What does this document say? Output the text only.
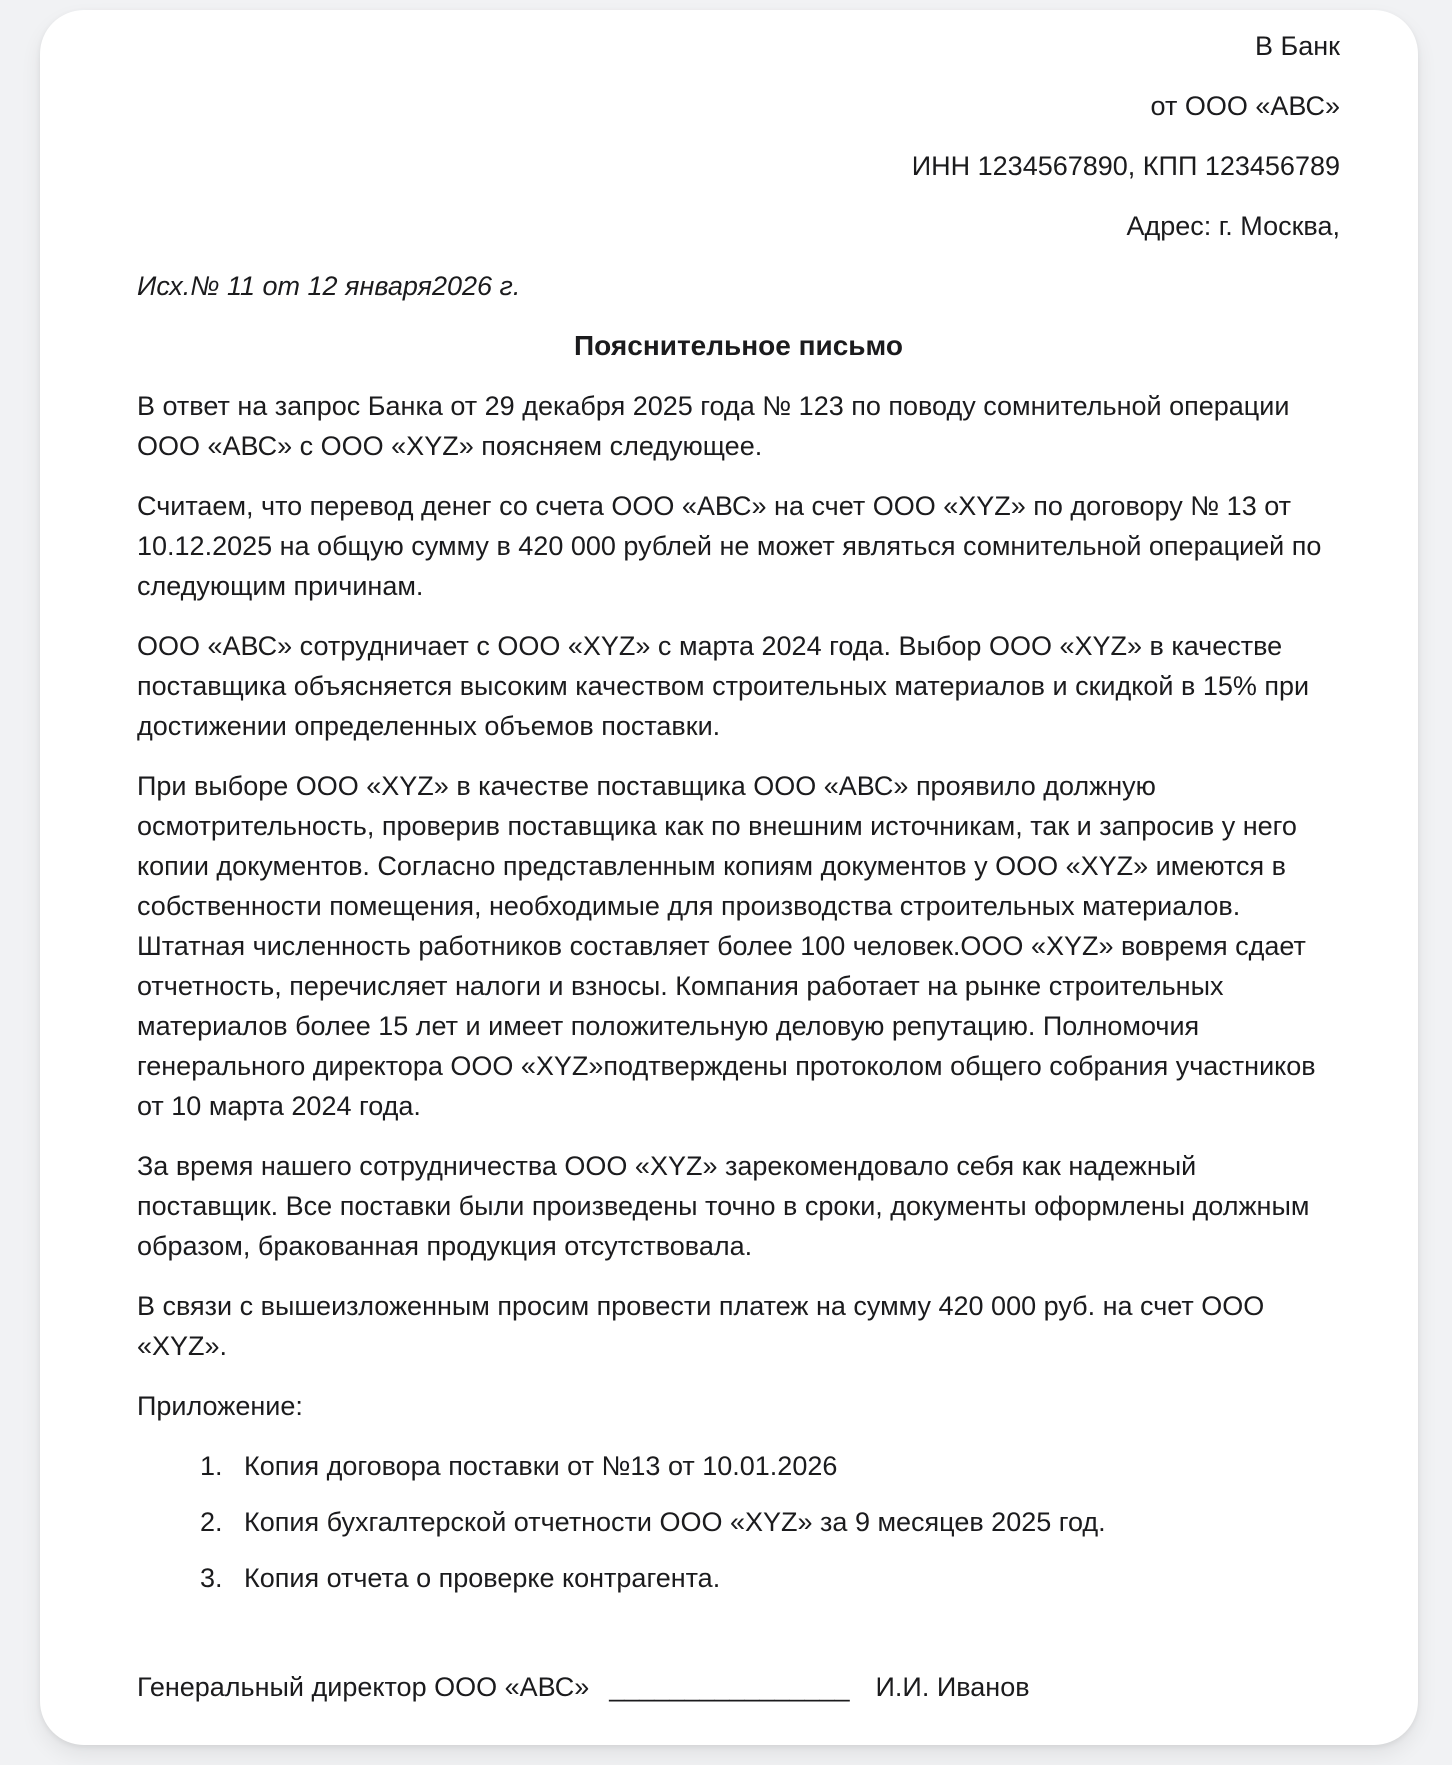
В Банк
от ООО «АВС»
ИНН 1234567890, КПП 123456789
Адрес: г. Москва,

Исх.№ 11 от 12 января2026 г.

Пояснительное письмо

В ответ на запрос Банка от 29 декабря 2025 года № 123 по поводу сомнительной операции ООО «АВС» с ООО «XYZ» поясняем следующее.

Считаем, что перевод денег со счета ООО «АВС» на счет ООО «XYZ» по договору № 13 от 10.12.2025 на общую сумму в 420 000 рублей не может являться сомнительной операцией по следующим причинам.

ООО «АВС» сотрудничает с ООО «XYZ» с марта 2024 года. Выбор ООО «XYZ» в качестве поставщика объясняется высоким качеством строительных материалов и скидкой в 15% при достижении определенных объемов поставки.

При выборе ООО «XYZ» в качестве поставщика ООО «АВС» проявило должную осмотрительность, проверив поставщика как по внешним источникам, так и запросив у него копии документов. Согласно представленным копиям документов у ООО «XYZ» имеются в собственности помещения, необходимые для производства строительных материалов. Штатная численность работников составляет более 100 человек.ООО «XYZ» вовремя сдает отчетность, перечисляет налоги и взносы. Компания работает на рынке строительных материалов более 15 лет и имеет положительную деловую репутацию. Полномочия генерального директора ООО «XYZ»подтверждены протоколом общего собрания участников от 10 марта 2024 года.

За время нашего сотрудничества ООО «XYZ» зарекомендовало себя как надежный поставщик. Все поставки были произведены точно в сроки, документы оформлены должным образом, бракованная продукция отсутствовала.

В связи с вышеизложенным просим провести платеж на сумму 420 000 руб. на счет ООО «XYZ».

Приложение:
Копия договора поставки от №13 от 10.01.2026
Копия бухгалтерской отчетности ООО «XYZ» за 9 месяцев 2025 год.
Копия отчета о проверке контрагента.
Генеральный директор ООО «АВС» ________________ И.И. Иванов
